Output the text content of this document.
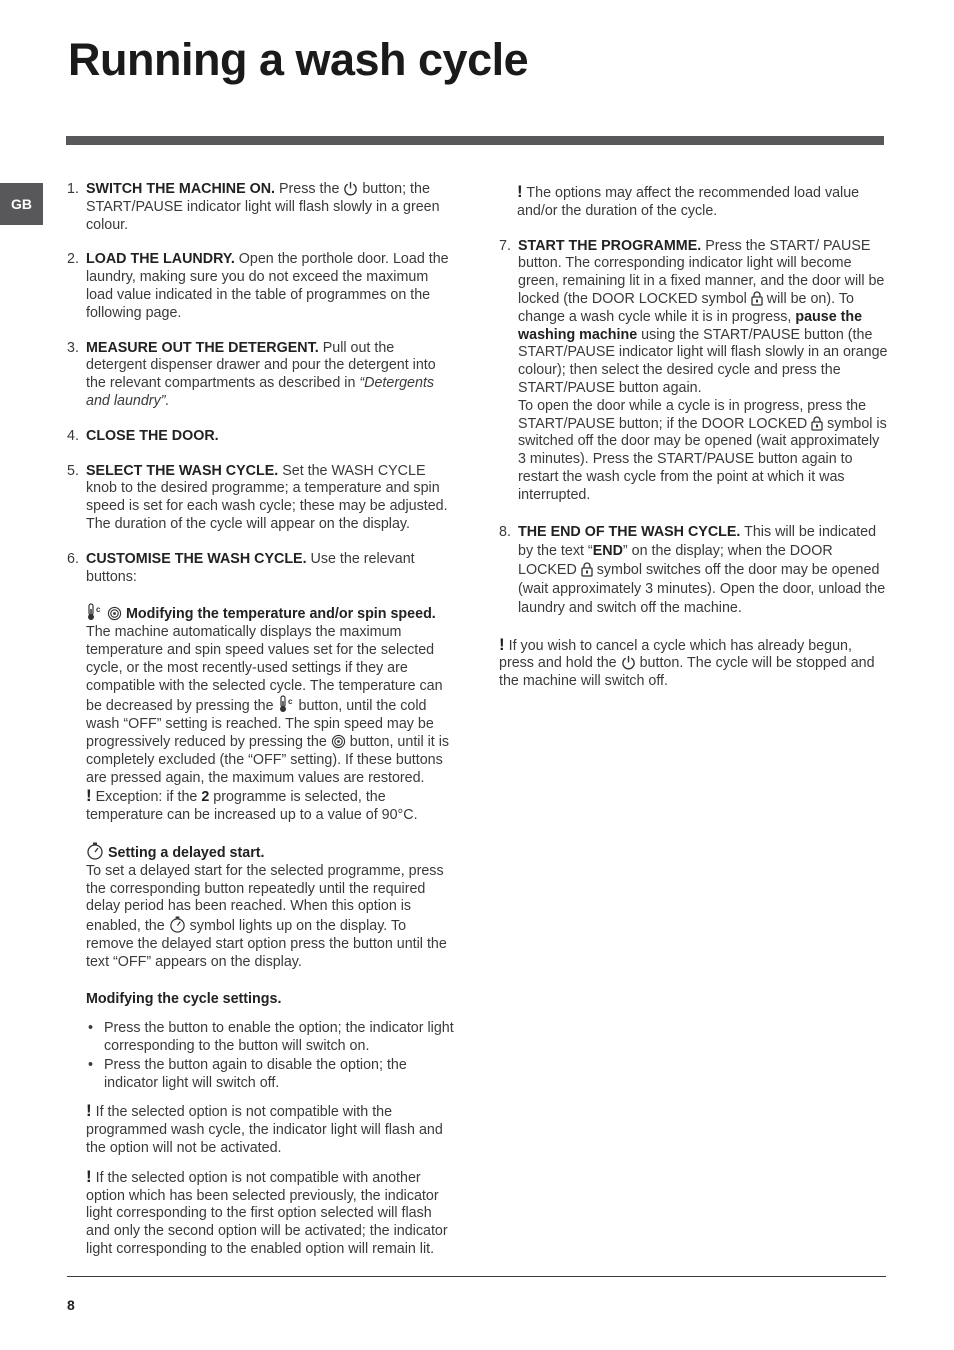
Running a wash cycle
GB
1. SWITCH THE MACHINE ON. Press the  button; the START/PAUSE indicator light will flash slowly in a green colour.

2. LOAD THE LAUNDRY. Open the porthole door. Load the laundry, making sure you do not exceed the maximum load value indicated in the table of programmes on the following page.

3. MEASURE OUT THE DETERGENT. Pull out the detergent dispenser drawer and pour the detergent into the relevant compartments as described in “Detergents and laundry”.

4. CLOSE THE DOOR.

5. SELECT THE WASH CYCLE. Set the WASH CYCLE knob to the desired programme; a temperature and spin speed is set for each wash cycle; these may be adjusted. The duration of the cycle will appear on the display.

6. CUSTOMISE THE WASH CYCLE. Use the relevant buttons:

c Modifying the temperature and/or spin speed. The machine automatically displays the maximum temperature and spin speed values set for the selected cycle, or the most recently-used settings if they are compatible with the selected cycle. The temperature can be decreased by pressing the c button, until the cold wash “OFF” setting is reached. The spin speed may be progressively reduced by pressing the  button, until it is completely excluded (the “OFF” setting). If these buttons are pressed again, the maximum values are restored.

! Exception: if the 2 programme is selected, the temperature can be increased up to a value of 90°C.

Setting a delayed start.

To set a delayed start for the selected programme, press the corresponding button repeatedly until the required delay period has been reached. When this option is enabled, the  symbol lights up on the display. To remove the delayed start option press the button until the text “OFF” appears on the display.

Modifying the cycle settings.

• Press the button to enable the option; the indicator light corresponding to the button will switch on.
• Press the button again to disable the option; the indicator light will switch off.

! If the selected option is not compatible with the programmed wash cycle, the indicator light will flash and the option will not be activated.

! If the selected option is not compatible with another option which has been selected previously, the indicator light corresponding to the first option selected will flash and only the second option will be activated; the indicator light corresponding to the enabled option will remain lit.

! The options may affect the recommended load value and/or the duration of the cycle.

7. START THE PROGRAMME. Press the START/ PAUSE button. The corresponding indicator light will become green, remaining lit in a fixed manner, and the door will be locked (the DOOR LOCKED symbol  will be on). To change a wash cycle while it is in progress, pause the washing machine using the START/PAUSE button (the START/PAUSE indicator light will flash slowly in an orange colour); then select the desired cycle and press the START/PAUSE button again.

To open the door while a cycle is in progress, press the START/PAUSE button; if the DOOR LOCKED  symbol is switched off the door may be opened (wait approximately 3 minutes). Press the START/PAUSE button again to restart the wash cycle from the point at which it was interrupted.

8. THE END OF THE WASH CYCLE. This will be indicated by the text “END” on the display; when the DOOR LOCKED  symbol switches off the door may be opened (wait approximately 3 minutes). Open the door, unload the laundry and switch off the machine.

! If you wish to cancel a cycle which has already begun, press and hold the  button. The cycle will be stopped and the machine will switch off.

8
